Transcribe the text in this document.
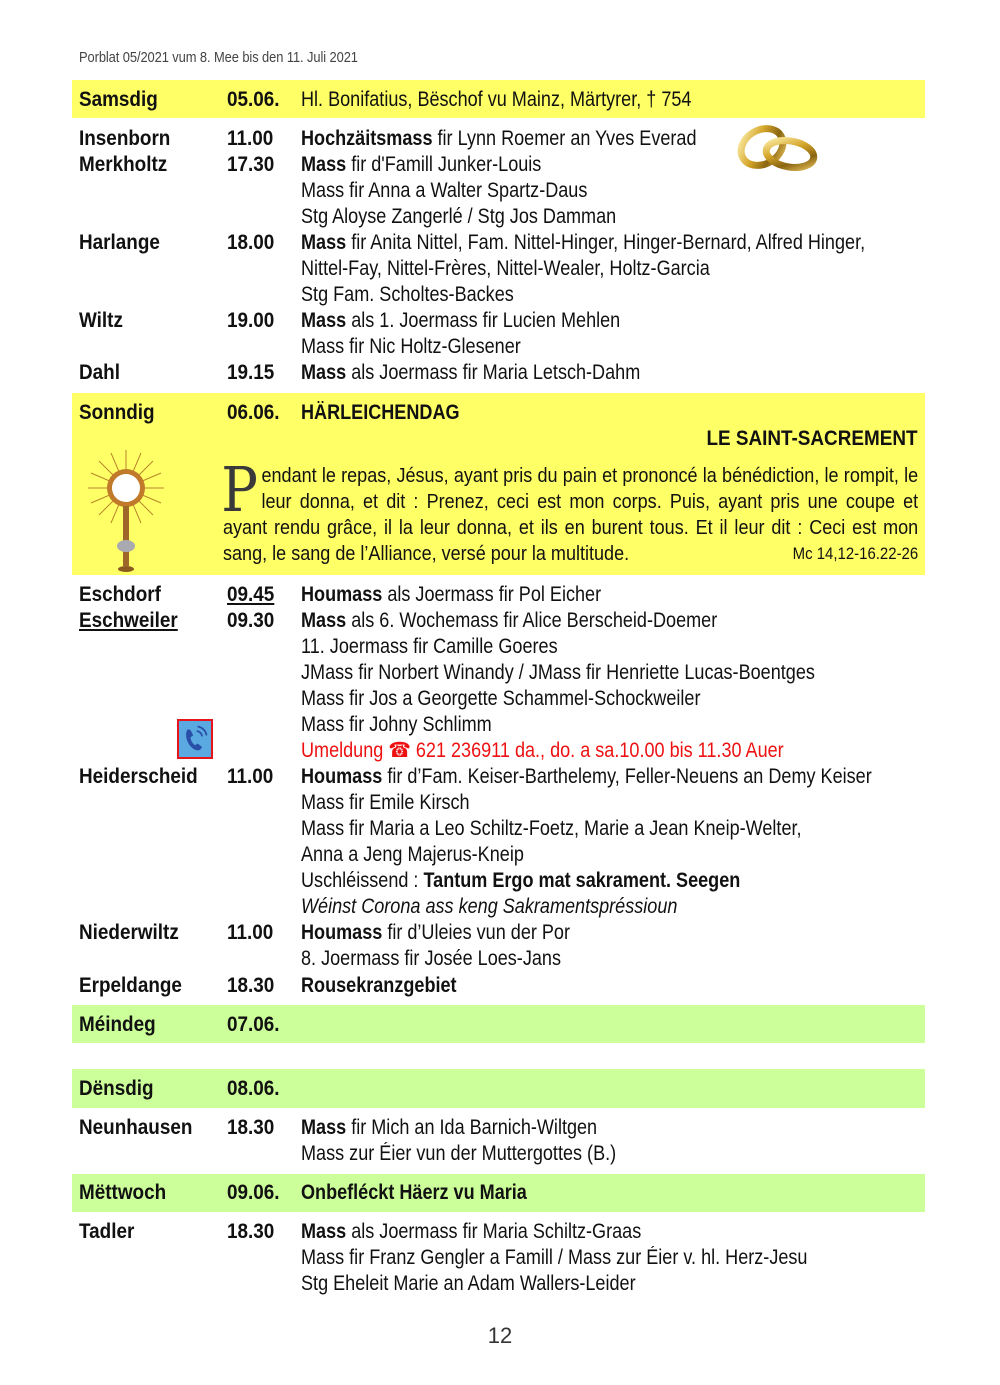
Porblat 05/2021 vum 8. Mee bis den 11. Juli 2021
Samsdig	05.06. Hl. Bonifatius, Bëschof vu Mainz, Märtyrer, † 754
Insenborn	11.00 Hochzäitsmass fir Lynn Roemer an Yves Everad
Merkholtz	17.30 Mass fir d'Famill Junker-Louis
Mass fir Anna a Walter Spartz-Daus
Stg Aloyse Zangerlé / Stg Jos Damman
Harlange	18.00 Mass fir Anita Nittel, Fam. Nittel-Hinger, Hinger-Bernard, Alfred Hinger,
Nittel-Fay, Nittel-Frères, Nittel-Wealer, Holtz-Garcia
Stg Fam. Scholtes-Backes
Wiltz	19.00 Mass als 1. Joermass fir Lucien Mehlen
Mass fir Nic Holtz-Glesener
Dahl	19.15 Mass als Joermass fir Maria Letsch-Dahm
Sonndig	06.06. HÄRLEICHENDAG
LE SAINT-SACREMENT
Pendant le repas, Jésus, ayant pris du pain et prononcé la bénédiction, le rompit, le leur donna, et dit : Prenez, ceci est mon corps. Puis, ayant pris une coupe et ayant rendu grâce, il la leur donna, et ils en burent tous. Et il leur dit : Ceci est mon sang, le sang de l’Alliance, versé pour la multitude.	Mc 14,12-16.22-26
Eschdorf	09.45 Houmass als Joermass fir Pol Eicher
Eschweiler 09.30 Mass als 6. Wochemass fir Alice Berscheid-Doemer
11. Joermass fir Camille Goeres
JMass fir Norbert Winandy / JMass fir Henriette Lucas-Boentges
Mass fir Jos a Georgette Schammel-Schockweiler
Mass fir Johny Schlimm
Umeldung ☎ 621 236911 da., do. a sa.10.00 bis 11.30 Auer
Heiderscheid 11.00 Houmass fir d’Fam. Keiser-Barthelemy, Feller-Neuens an Demy Keiser
Mass fir Emile Kirsch
Mass fir Maria a Leo Schiltz-Foetz, Marie a Jean Kneip-Welter,
Anna a Jeng Majerus-Kneip
Uschléissend : Tantum Ergo mat sakrament. Seegen
Wéinst Corona ass keng Sakramentspréssioun
Niederwiltz 11.00 Houmass fir d’Uleies vun der Por
8. Joermass fir Josée Loes-Jans
Erpeldange 18.30 Rousekranzgebiet
Méindeg	07.06.
Dënsdig	08.06.
Neunhausen 18.30 Mass fir Mich an Ida Barnich-Wiltgen
Mass zur Éier vun der Muttergottes (B.)
Mëttwoch	09.06. Onbefléckt Häerz vu Maria
Tadler	18.30 Mass als Joermass fir Maria Schiltz-Graas
Mass fir Franz Gengler a Famill / Mass zur Éier v. hl. Herz-Jesu
Stg Eheleit Marie an Adam Wallers-Leider
12
